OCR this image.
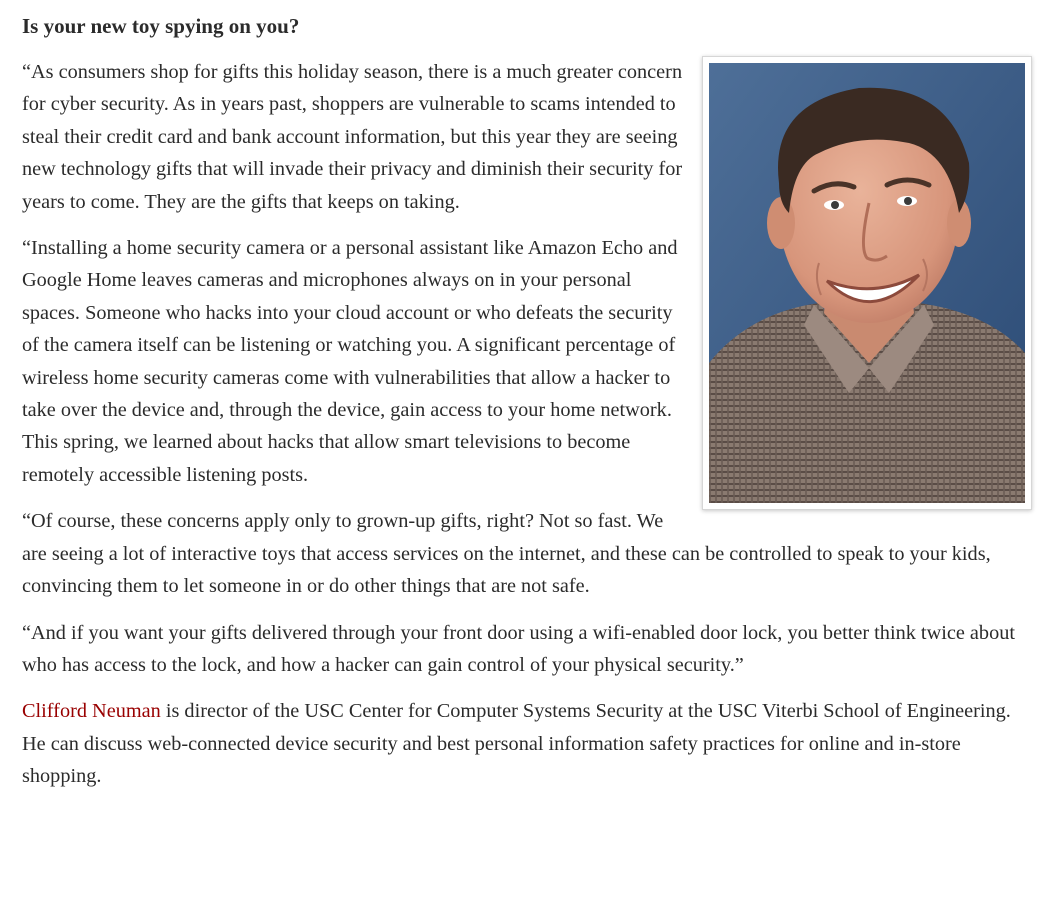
Is your new toy spying on you?

“As consumers shop for gifts this holiday season, there is a much greater concern for cyber security. As in years past, shoppers are vulnerable to scams intended to steal their credit card and bank account information, but this year they are seeing new technology gifts that will invade their privacy and diminish their security for years to come. They are the gifts that keeps on taking.

“Installing a home security camera or a personal assistant like Amazon Echo and Google Home leaves cameras and microphones always on in your personal spaces. Someone who hacks into your cloud account or who defeats the security of the camera itself can be listening or watching you. A significant percentage of wireless home security cameras come with vulnerabilities that allow a hacker to take over the device and, through the device, gain access to your home network. This spring, we learned about hacks that allow smart televisions to become remotely accessible listening posts.

“Of course, these concerns apply only to grown-up gifts, right? Not so fast. We are seeing a lot of interactive toys that access services on the internet, and these can be controlled to speak to your kids, convincing them to let someone in or do other things that are not safe.

“And if you want your gifts delivered through your front door using a wifi-enabled door lock, you better think twice about who has access to the lock, and how a hacker can gain control of your physical security.”

Clifford Neuman is director of the USC Center for Computer Systems Security at the USC Viterbi School of Engineering. He can discuss web-connected device security and best personal information safety practices for online and in-store shopping.
